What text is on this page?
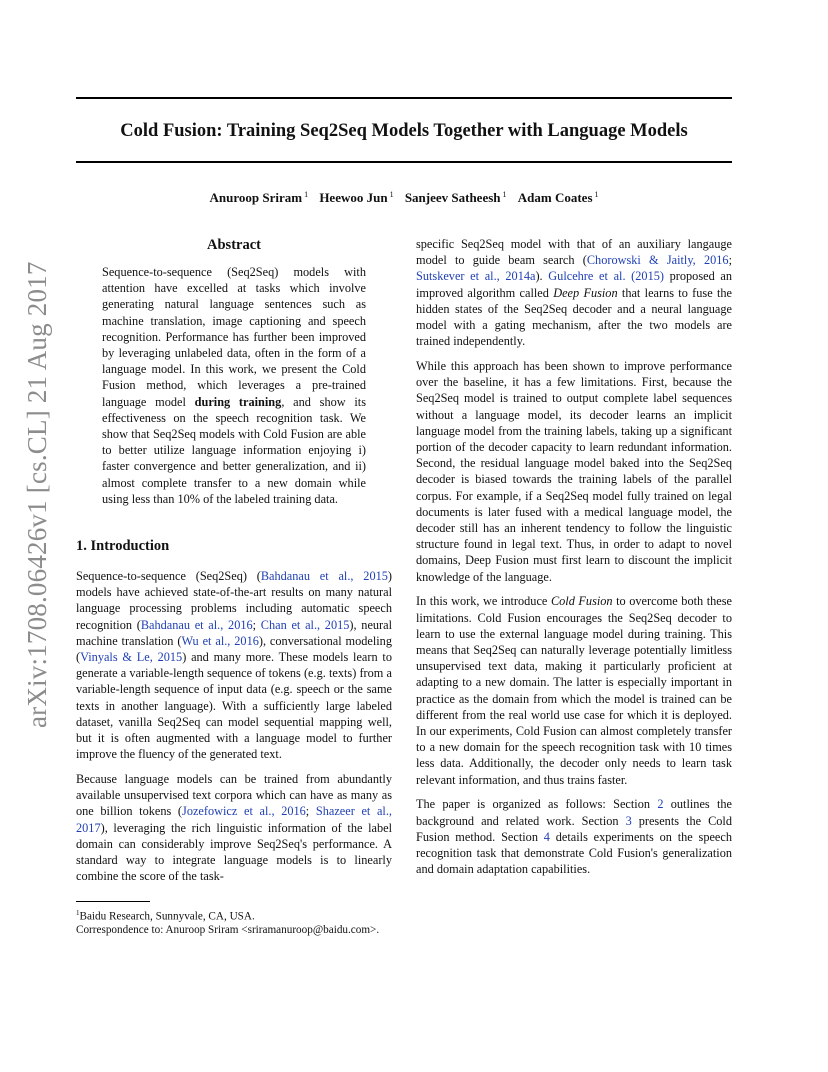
Cold Fusion: Training Seq2Seq Models Together with Language Models
Anuroop Sriram $^1$ Heewoo Jun $^1$ Sanjeev Satheesh $^1$ Adam Coates $^1$
arXiv:1708.06426v1 [cs.CL] 21 Aug 2017
Abstract

Sequence-to-sequence (Seq2Seq) models with attention have excelled at tasks which involve generating natural language sentences such as machine translation, image captioning and speech recognition. Performance has further been improved by leveraging unlabeled data, often in the form of a language model. In this work, we present the Cold Fusion method, which leverages a pre-trained language model during training, and show its effectiveness on the speech recognition task. We show that Seq2Seq models with Cold Fusion are able to better utilize language information enjoying i) faster convergence and better generalization, and ii) almost complete transfer to a new domain while using less than 10% of the labeled training data.

1. Introduction

Sequence-to-sequence (Seq2Seq) (Bahdanau et al., 2015) models have achieved state-of-the-art results on many natural language processing problems including automatic speech recognition (Bahdanau et al., 2016; Chan et al., 2015), neural machine translation (Wu et al., 2016), conversational modeling (Vinyals & Le, 2015) and many more. These models learn to generate a variable-length sequence of tokens (e.g. texts) from a variable-length sequence of input data (e.g. speech or the same texts in another language). With a sufficiently large labeled dataset, vanilla Seq2Seq can model sequential mapping well, but it is often augmented with a language model to further improve the fluency of the generated text.

Because language models can be trained from abundantly available unsupervised text corpora which can have as many as one billion tokens (Jozefowicz et al., 2016; Shazeer et al., 2017), leveraging the rich linguistic information of the label domain can considerably improve Seq2Seq's performance. A standard way to integrate language models is to linearly combine the score of the task-

$^1$Baidu Research, Sunnyvale, CA, USA.
Correspondence to: Anuroop Sriram <sriramanuroop@baidu.com>.

specific Seq2Seq model with that of an auxiliary langauge model to guide beam search (Chorowski & Jaitly, 2016; Sutskever et al., 2014a). Gulcehre et al. (2015) proposed an improved algorithm called Deep Fusion that learns to fuse the hidden states of the Seq2Seq decoder and a neural language model with a gating mechanism, after the two models are trained independently.

While this approach has been shown to improve performance over the baseline, it has a few limitations. First, because the Seq2Seq model is trained to output complete label sequences without a language model, its decoder learns an implicit language model from the training labels, taking up a significant portion of the decoder capacity to learn redundant information. Second, the residual language model baked into the Seq2Seq decoder is biased towards the training labels of the parallel corpus. For example, if a Seq2Seq model fully trained on legal documents is later fused with a medical language model, the decoder still has an inherent tendency to follow the linguistic structure found in legal text. Thus, in order to adapt to novel domains, Deep Fusion must first learn to discount the implicit knowledge of the language.

In this work, we introduce Cold Fusion to overcome both these limitations. Cold Fusion encourages the Seq2Seq decoder to learn to use the external language model during training. This means that Seq2Seq can naturally leverage potentially limitless unsupervised text data, making it particularly proficient at adapting to a new domain. The latter is especially important in practice as the domain from which the model is trained can be different from the real world use case for which it is deployed. In our experiments, Cold Fusion can almost completely transfer to a new domain for the speech recognition task with 10 times less data. Additionally, the decoder only needs to learn task relevant information, and thus trains faster.

The paper is organized as follows: Section 2 outlines the background and related work. Section 3 presents the Cold Fusion method. Section 4 details experiments on the speech recognition task that demonstrate Cold Fusion's generalization and domain adaptation capabilities.
